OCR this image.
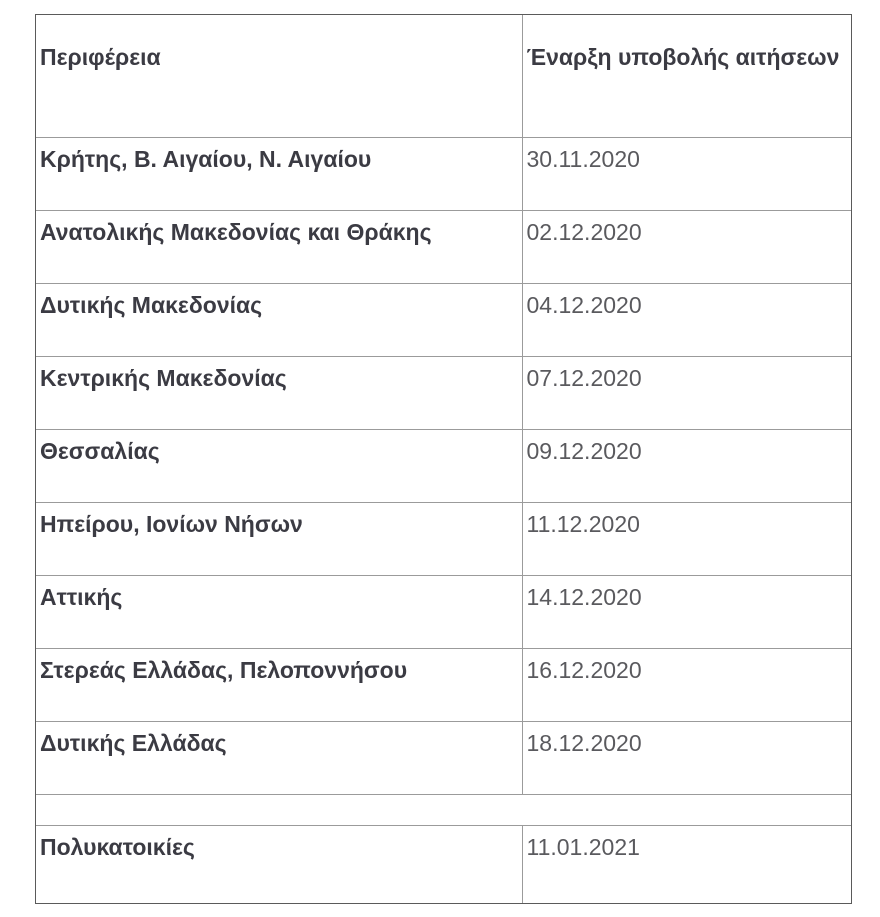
Περιφέρεια	Έναρξη υποβολής αιτήσεων
Κρήτης, Β. Αιγαίου, Ν. Αιγαίου	30.11.2020
Ανατολικής Μακεδονίας και Θράκης	02.12.2020
Δυτικής Μακεδονίας	04.12.2020
Κεντρικής Μακεδονίας	07.12.2020
Θεσσαλίας	09.12.2020
Ηπείρου, Ιονίων Νήσων	11.12.2020
Αττικής	14.12.2020
Στερεάς Ελλάδας, Πελοποννήσου	16.12.2020
Δυτικής Ελλάδας	18.12.2020

Πολυκατοικίες	11.01.2021
